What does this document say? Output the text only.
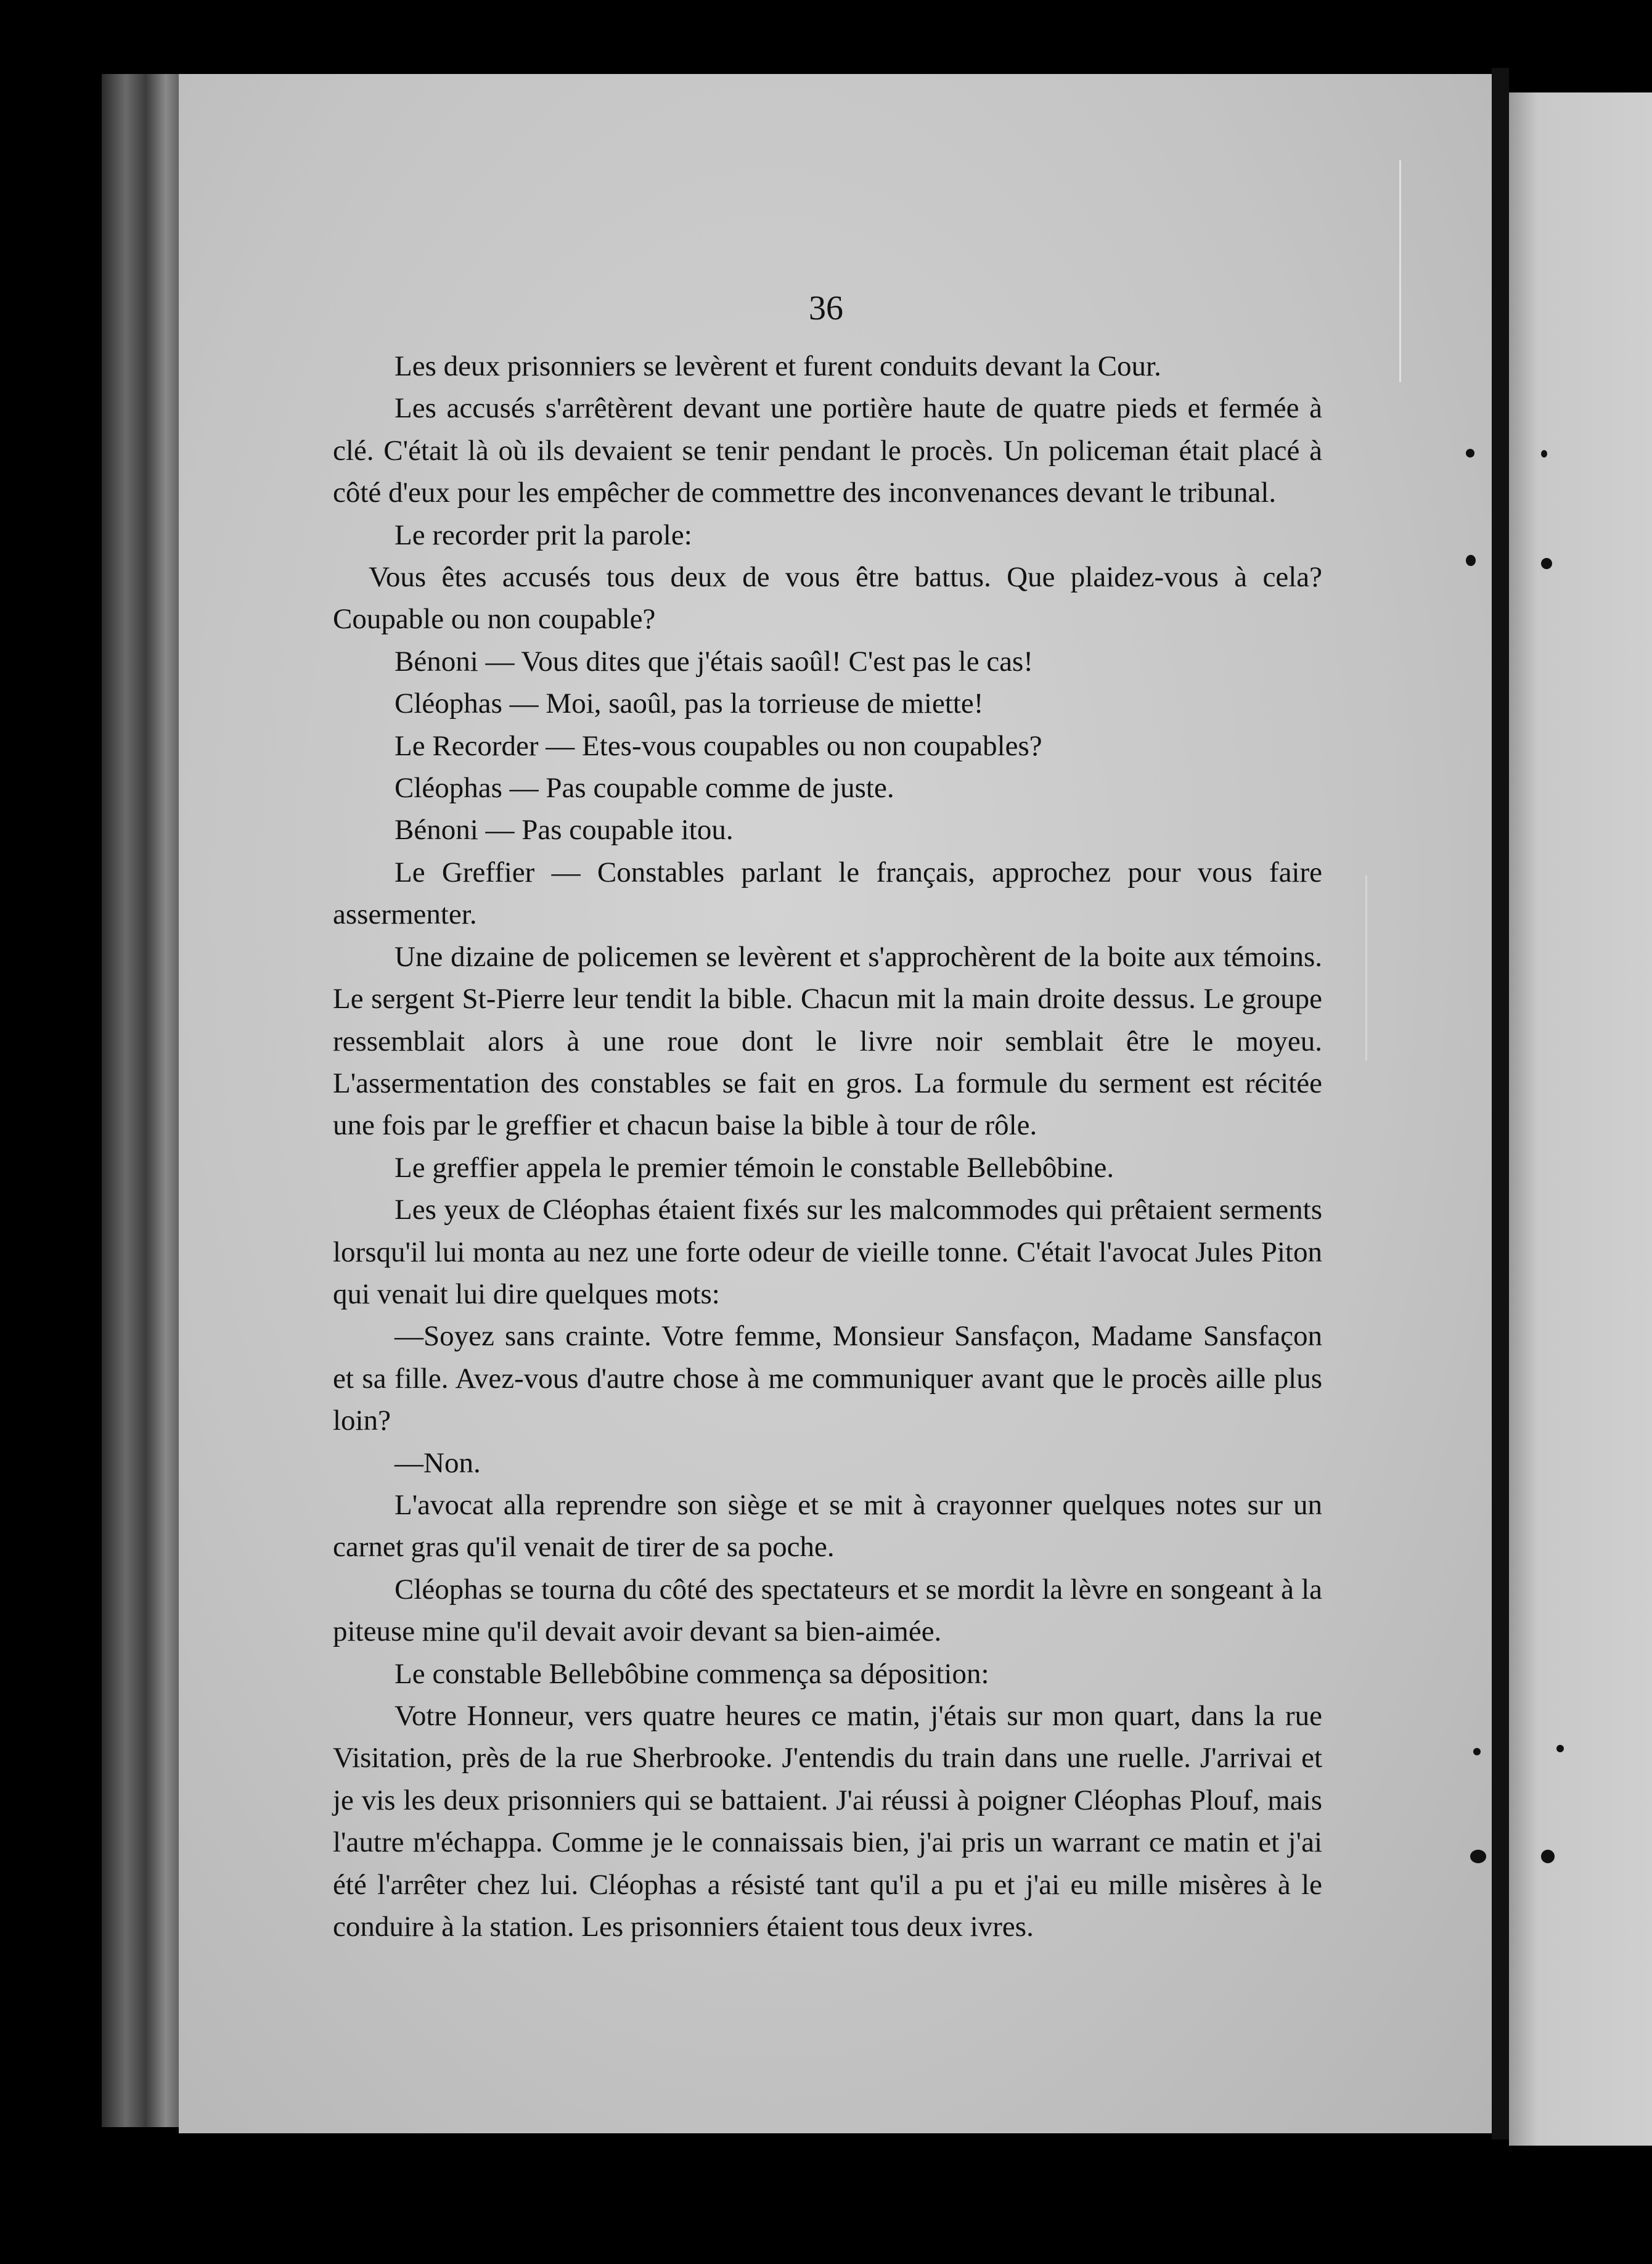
36

Les deux prisonniers se levèrent et furent conduits devant la Cour.

Les accusés s'arrêtèrent devant une portière haute de quatre pieds et fermée à clé. C'était là où ils devaient se tenir pendant le procès. Un policeman était placé à côté d'eux pour les empêcher de commettre des inconvenances devant le tribunal.

Le recorder prit la parole:

Vous êtes accusés tous deux de vous être battus. Que plaidez-vous à cela? Coupable ou non coupable?

Bénoni — Vous dites que j'étais saoûl! C'est pas le cas!

Cléophas — Moi, saoûl, pas la torrieuse de miette!

Le Recorder — Etes-vous coupables ou non coupables?

Cléophas — Pas coupable comme de juste.

Bénoni — Pas coupable itou.

Le Greffier — Constables parlant le français, approchez pour vous faire assermenter.

Une dizaine de policemen se levèrent et s'approchèrent de la boite aux témoins. Le sergent St-Pierre leur tendit la bible. Chacun mit la main droite dessus. Le groupe ressemblait alors à une roue dont le livre noir semblait être le moyeu. L'assermentation des constables se fait en gros. La formule du serment est récitée une fois par le greffier et chacun baise la bible à tour de rôle.

Le greffier appela le premier témoin le constable Bellebôbine.

Les yeux de Cléophas étaient fixés sur les malcommodes qui prêtaient serments lorsqu'il lui monta au nez une forte odeur de vieille tonne. C'était l'avocat Jules Piton qui venait lui dire quelques mots:

—Soyez sans crainte. Votre femme, Monsieur Sansfaçon, Madame Sansfaçon et sa fille. Avez-vous d'autre chose à me communiquer avant que le procès aille plus loin?

—Non.

L'avocat alla reprendre son siège et se mit à crayonner quelques notes sur un carnet gras qu'il venait de tirer de sa poche.

Cléophas se tourna du côté des spectateurs et se mordit la lèvre en songeant à la piteuse mine qu'il devait avoir devant sa bien-aimée.

Le constable Bellebôbine commença sa déposition:

Votre Honneur, vers quatre heures ce matin, j'étais sur mon quart, dans la rue Visitation, près de la rue Sherbrooke. J'entendis du train dans une ruelle. J'arrivai et je vis les deux prisonniers qui se battaient. J'ai réussi à poigner Cléophas Plouf, mais l'autre m'échappa. Comme je le connaissais bien, j'ai pris un warrant ce matin et j'ai été l'arrêter chez lui. Cléophas a résisté tant qu'il a pu et j'ai eu mille misères à le conduire à la station. Les prisonniers étaient tous deux ivres.
